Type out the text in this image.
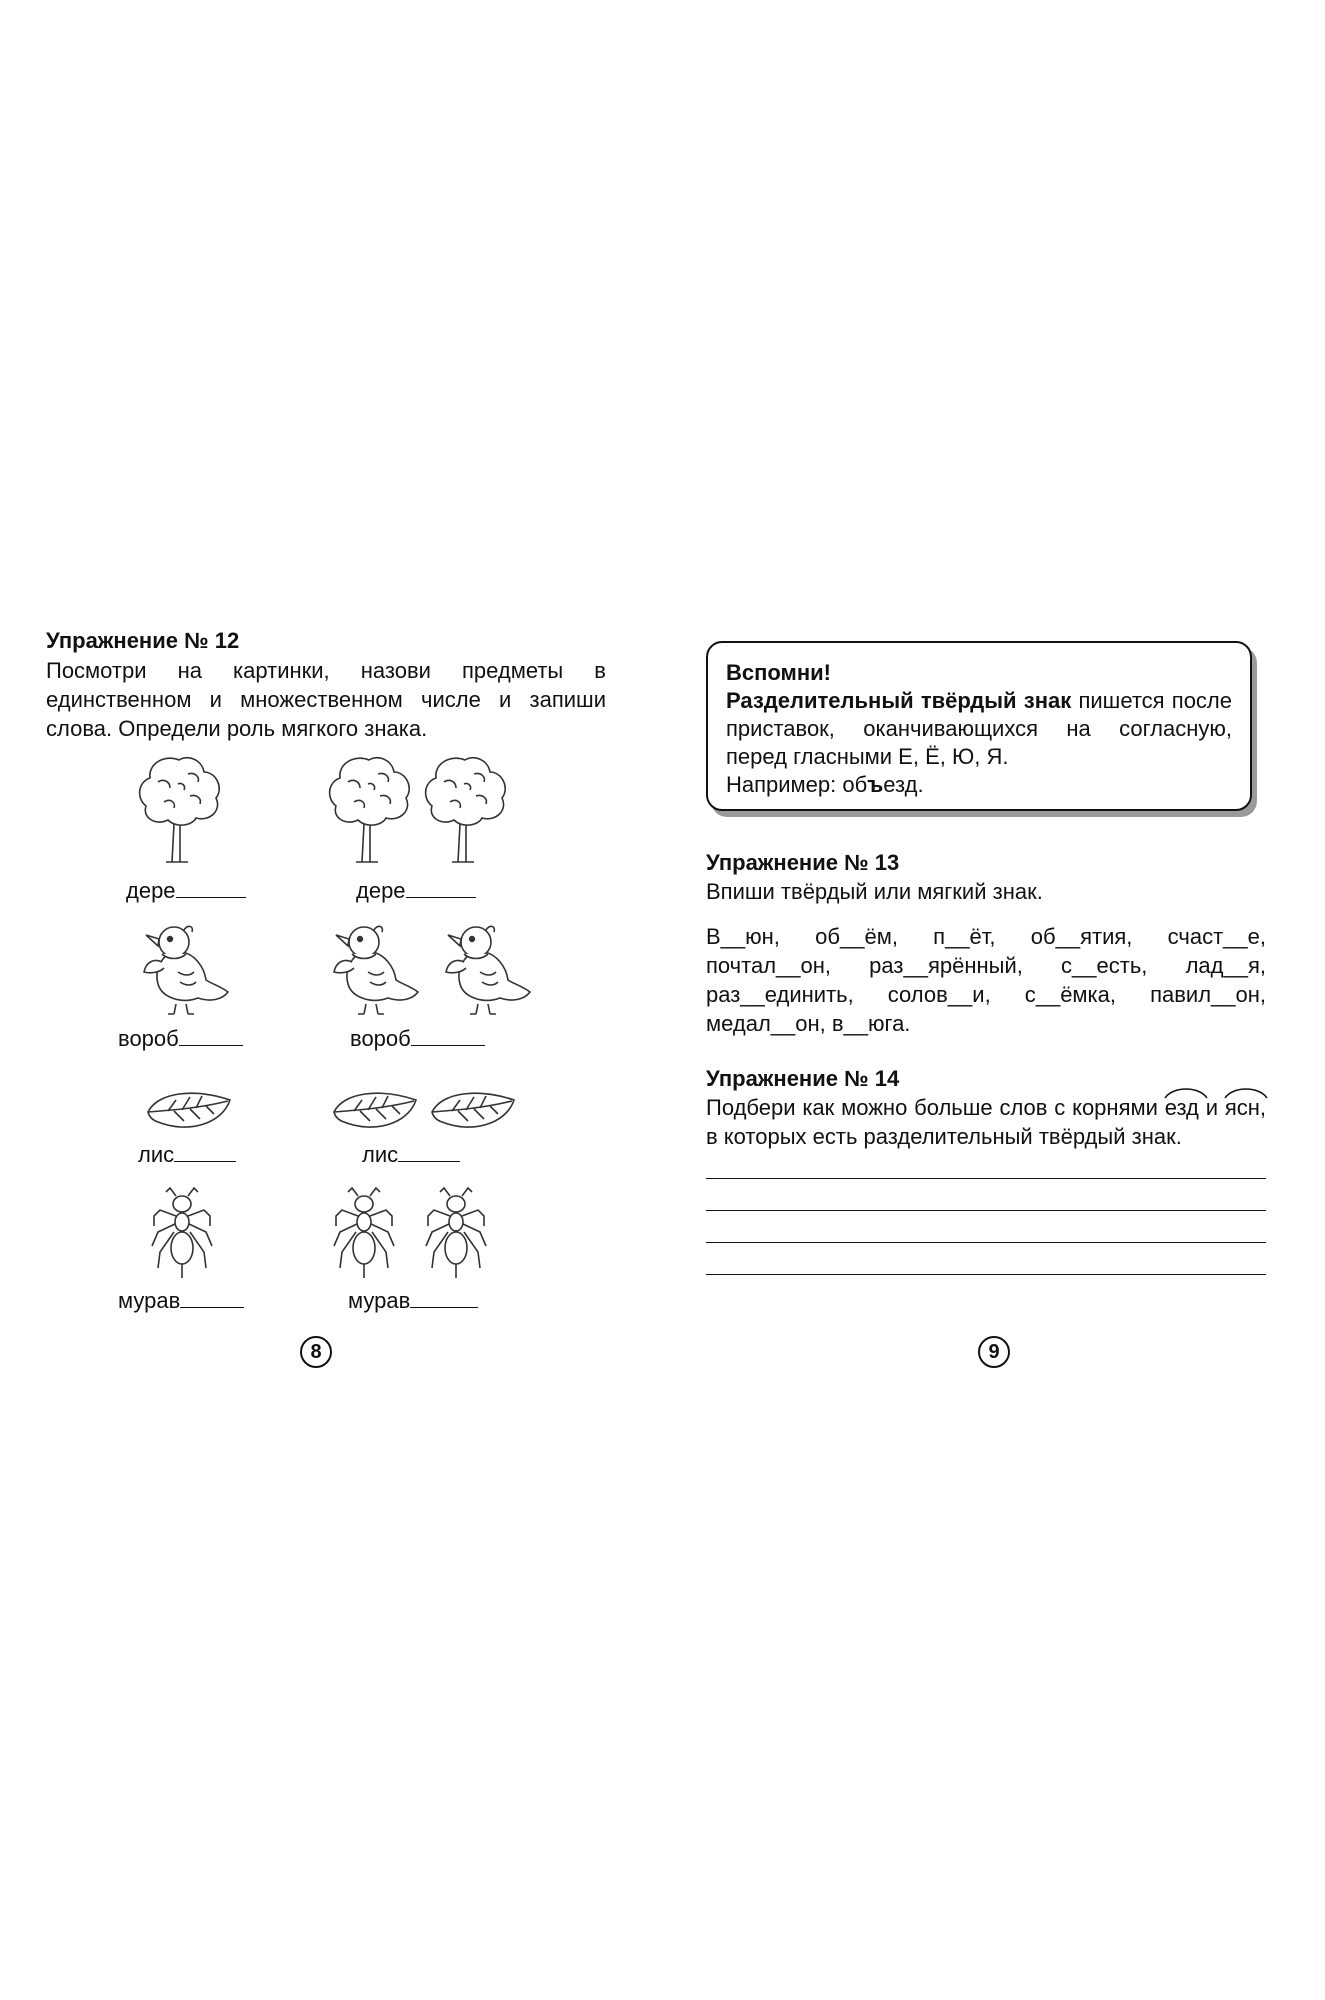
Упражнение № 12

Посмотри на картинки, назови предметы в единственном и множественном числе и запиши слова. Определи роль мягкого знака.

дере	дере
вороб	вороб
лис	лис
мурав	мурав
8
Вспомни!

Разделительный твёрдый знак пишется после приставок, оканчивающихся на согласную, перед гласными Е, Ё, Ю, Я.

Например: объезд.

Упражнение № 13

Впиши твёрдый или мягкий знак.

В__юн, об__ём, п__ёт, об__ятия, счаст__е, почтал__он, раз__ярённый, с__есть, лад__я, раз__единить, солов__и, с__ёмка, павил__он, медал__он, в__юга.

Упражнение № 14

Подбери как можно больше слов с корнями
езд и
ясн, в которых есть разделительный твёрдый знак.

9
